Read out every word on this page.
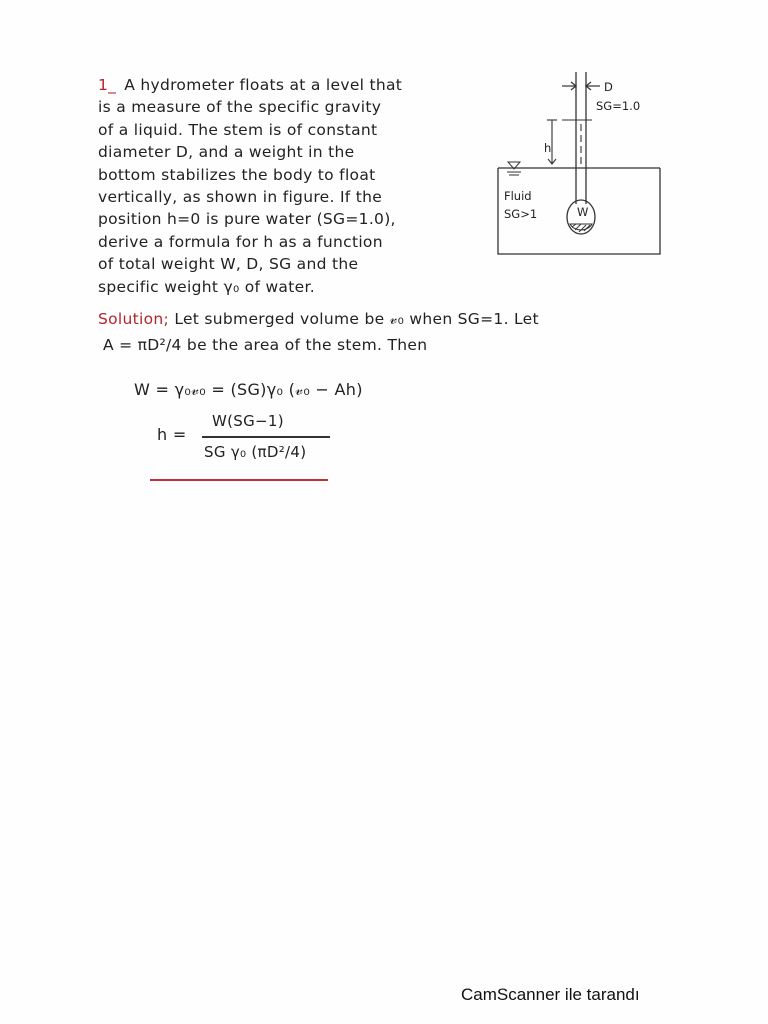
1_ A hydrometer floats at a level that
is a measure of the specific gravity
of a liquid. The stem is of constant
diameter D, and a weight in the
bottom stabilizes the body to float
vertically, as shown in figure. If the
position h=0 is pure water (SG=1.0),
derive a formula for h as a function
of total weight W, D, SG and the
specific weight γ₀ of water.
D
SG=1.0
h
Fluid
SG>1	W
Solution; Let submerged volume be 𝓋₀ when SG=1. Let
A = πD²/4 be the area of the stem. Then
W = γ₀𝓋₀ = (SG)γ₀ (𝓋₀ − Ah)
h =
W(SG−1)
SG γ₀ (πD²/4)
CamScanner ile tarandı
